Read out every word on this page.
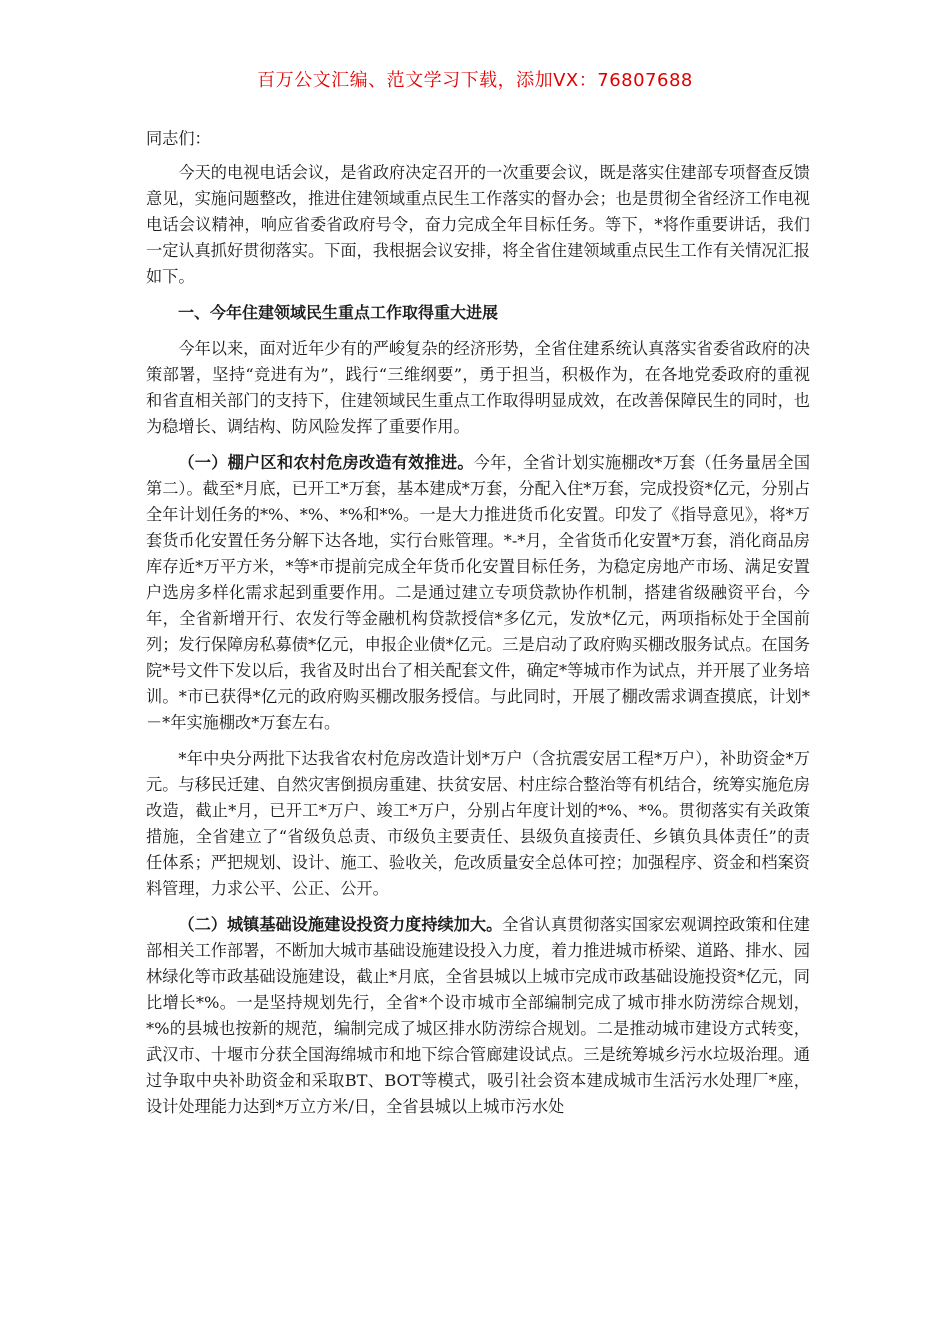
百万公文汇编、范文学习下载，添加VX：76807688

同志们：

今天的电视电话会议，是省政府决定召开的一次重要会议，既是落实住建部专项督查反馈意见，实施问题整改，推进住建领域重点民生工作落实的督办会；也是贯彻全省经济工作电视电话会议精神，响应省委省政府号令，奋力完成全年目标任务。等下，*将作重要讲话，我们一定认真抓好贯彻落实。下面，我根据会议安排，将全省住建领域重点民生工作有关情况汇报如下。

一、今年住建领域民生重点工作取得重大进展

今年以来，面对近年少有的严峻复杂的经济形势，全省住建系统认真落实省委省政府的决策部署，坚持“竞进有为”，践行“三维纲要”，勇于担当，积极作为，在各地党委政府的重视和省直相关部门的支持下，住建领域民生重点工作取得明显成效，在改善保障民生的同时，也为稳增长、调结构、防风险发挥了重要作用。

（一）棚户区和农村危房改造有效推进。今年，全省计划实施棚改*万套（任务量居全国第二）。截至*月底，已开工*万套，基本建成*万套，分配入住*万套，完成投资*亿元，分别占全年计划任务的*%、*%、*%和*%。一是大力推进货币化安置。印发了《指导意见》，将*万套货币化安置任务分解下达各地，实行台账管理。*-*月，全省货币化安置*万套，消化商品房库存近*万平方米，*等*市提前完成全年货币化安置目标任务，为稳定房地产市场、满足安置户选房多样化需求起到重要作用。二是通过建立专项贷款协作机制，搭建省级融资平台，今年，全省新增开行、农发行等金融机构贷款授信*多亿元，发放*亿元，两项指标处于全国前列；发行保障房私募债*亿元，申报企业债*亿元。三是启动了政府购买棚改服务试点。在国务院*号文件下发以后，我省及时出台了相关配套文件，确定*等城市作为试点，并开展了业务培训。*市已获得*亿元的政府购买棚改服务授信。与此同时，开展了棚改需求调查摸底，计划*－*年实施棚改*万套左右。

*年中央分两批下达我省农村危房改造计划*万户（含抗震安居工程*万户），补助资金*万元。与移民迁建、自然灾害倒损房重建、扶贫安居、村庄综合整治等有机结合，统筹实施危房改造，截止*月，已开工*万户、竣工*万户，分别占年度计划的*%、*%。贯彻落实有关政策措施，全省建立了“省级负总责、市级负主要责任、县级负直接责任、乡镇负具体责任”的责任体系；严把规划、设计、施工、验收关，危改质量安全总体可控；加强程序、资金和档案资料管理，力求公平、公正、公开。

（二）城镇基础设施建设投资力度持续加大。全省认真贯彻落实国家宏观调控政策和住建部相关工作部署，不断加大城市基础设施建设投入力度，着力推进城市桥梁、道路、排水、园林绿化等市政基础设施建设，截止*月底，全省县城以上城市完成市政基础设施投资*亿元，同比增长*%。一是坚持规划先行，全省*个设市城市全部编制完成了城市排水防涝综合规划，*%的县城也按新的规范，编制完成了城区排水防涝综合规划。二是推动城市建设方式转变，武汉市、十堰市分获全国海绵城市和地下综合管廊建设试点。三是统筹城乡污水垃圾治理。通过争取中央补助资金和采取BT、BOT等模式，吸引社会资本建成城市生活污水处理厂*座，设计处理能力达到*万立方米/日，全省县城以上城市污水处
